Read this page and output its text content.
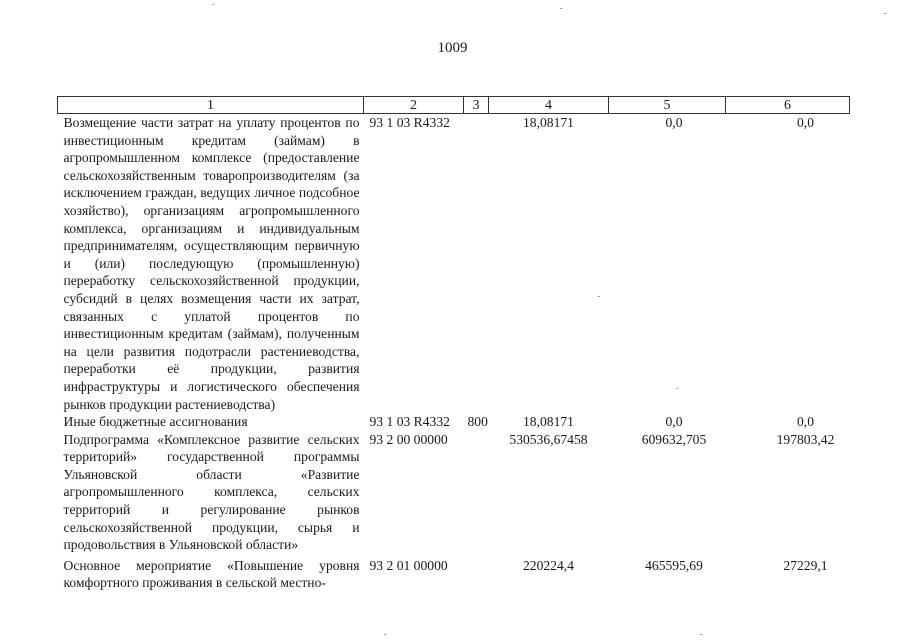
1009
1	2	3	4	5	6
Возмещение части затрат на уплату процентов по инвестиционным кредитам (займам) в агропромышленном комплексе (предоставление сельскохозяйственным товаропроизводителям (за исключением граждан, ведущих личное подсобное хозяйство), организациям агропромышленного комплекса, организациям и индивидуальным предпринимателям, осуществляющим первичную и (или) последующую (промышленную) переработку сельскохозяйственной продукции, субсидий в целях возмещения части их затрат, связанных с уплатой процентов по инвестиционным кредитам (займам), полученным на цели развития подотрасли растениеводства, переработки её продукции, развития инфраструктуры и логистического обеспечения рынков продукции растениеводства)	93 1 03 R4332		18,08171	0,0	0,0
Иные бюджетные ассигнования	93 1 03 R4332	800	18,08171	0,0	0,0
Подпрограмма «Комплексное развитие сельских территорий» государственной программы Ульяновской области «Развитие агропромышленного комплекса, сельских территорий и регулирование рынков сельскохозяйственной продукции, сырья и продовольствия в Ульяновской области»	93 2 00 00000		530536,67458	609632,705	197803,42
Основное мероприятие «Повышение уровня комфортного проживания в сельской местно-	93 2 01 00000		220224,4	465595,69	27229,1
